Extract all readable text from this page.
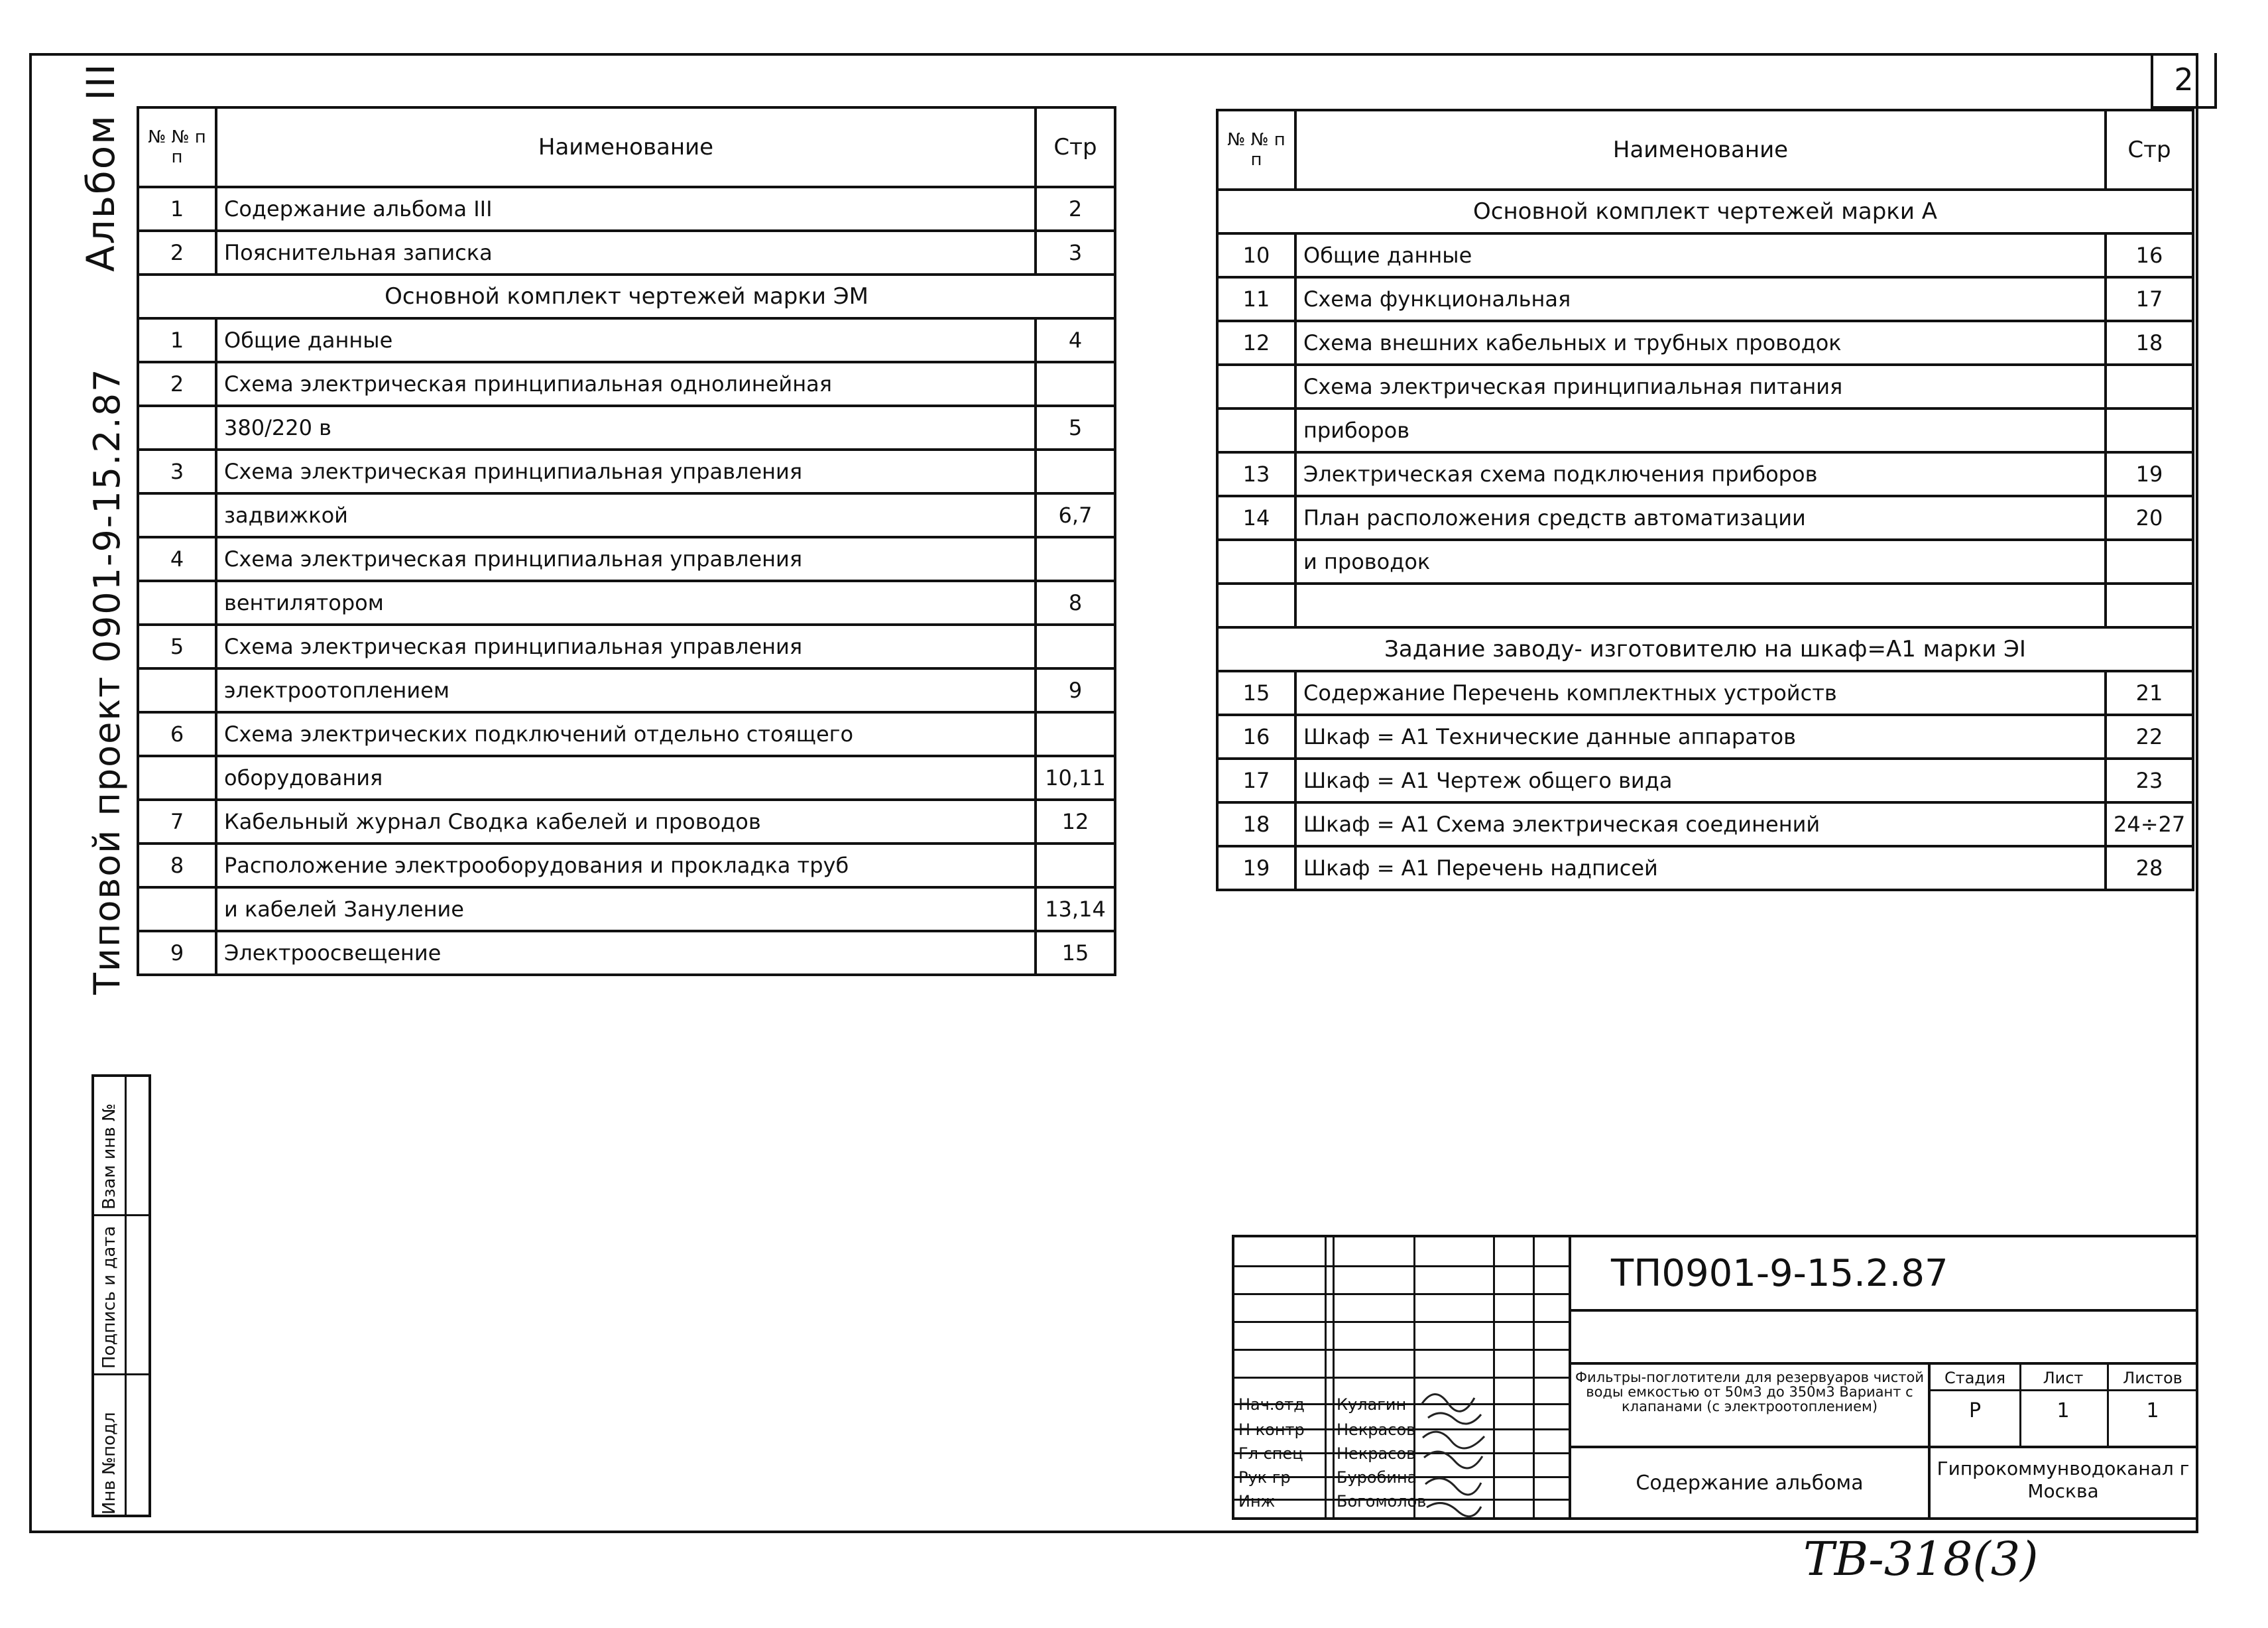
2
Альбом III
Типовой проект 0901-9-15.2.87
Взам инв №
Подпись и дата
Инв №подл
№ № п п	Наименование	Стр
1	Содержание альбома III	2
2	Пояснительная записка	3
Основной комплект чертежей марки ЭМ		
1	Общие данные	4
2	Схема электрическая принципиальная однолинейная	
	380/220 в	5
3	Схема электрическая принципиальная управления	
	задвижкой	6,7
4	Схема электрическая принципиальная управления	
	вентилятором	8
5	Схема электрическая принципиальная управления	
	электроотоплением	9
6	Схема электрических подключений отдельно стоящего	
	оборудования	10,11
7	Кабельный журнал Сводка кабелей и проводов	12
8	Расположение электрооборудования и прокладка труб	
	и кабелей Зануление	13,14
9	Электроосвещение	15
№ № п п	Наименование	Стр
Основной комплект чертежей марки А		
10	Общие данные	16
11	Схема функциональная	17
12	Схема внешних кабельных и трубных проводок	18
	Схема электрическая принципиальная питания	
	приборов	
13	Электрическая схема подключения приборов	19
14	План расположения средств автоматизации	20
	и проводок	

Задание заводу- изготовителю на шкаф=А1 марки ЭI		
15	Содержание Перечень комплектных устройств	21
16	Шкаф = А1 Технические данные аппаратов	22
17	Шкаф = А1 Чертеж общего вида	23
18	Шкаф = А1 Схема электрическая соединений	24÷27
19	Шкаф = А1 Перечень надписей	28
Нач.отд Кулагин
Н контр Некрасов
Гл спец Некрасов
Рук гр	Буробина
Инж	Богомолов
ТП0901-9-15.2.87
Фильтры-поглотители для резервуаров чистой воды емкостью от 50м3 до 350м3 Вариант с клапанами (с электроотоплением)
Стадия	Лист	Листов
Р	1	1
Содержание альбома
Гипрокоммунводоканал г Москва
ТВ-318(3)
